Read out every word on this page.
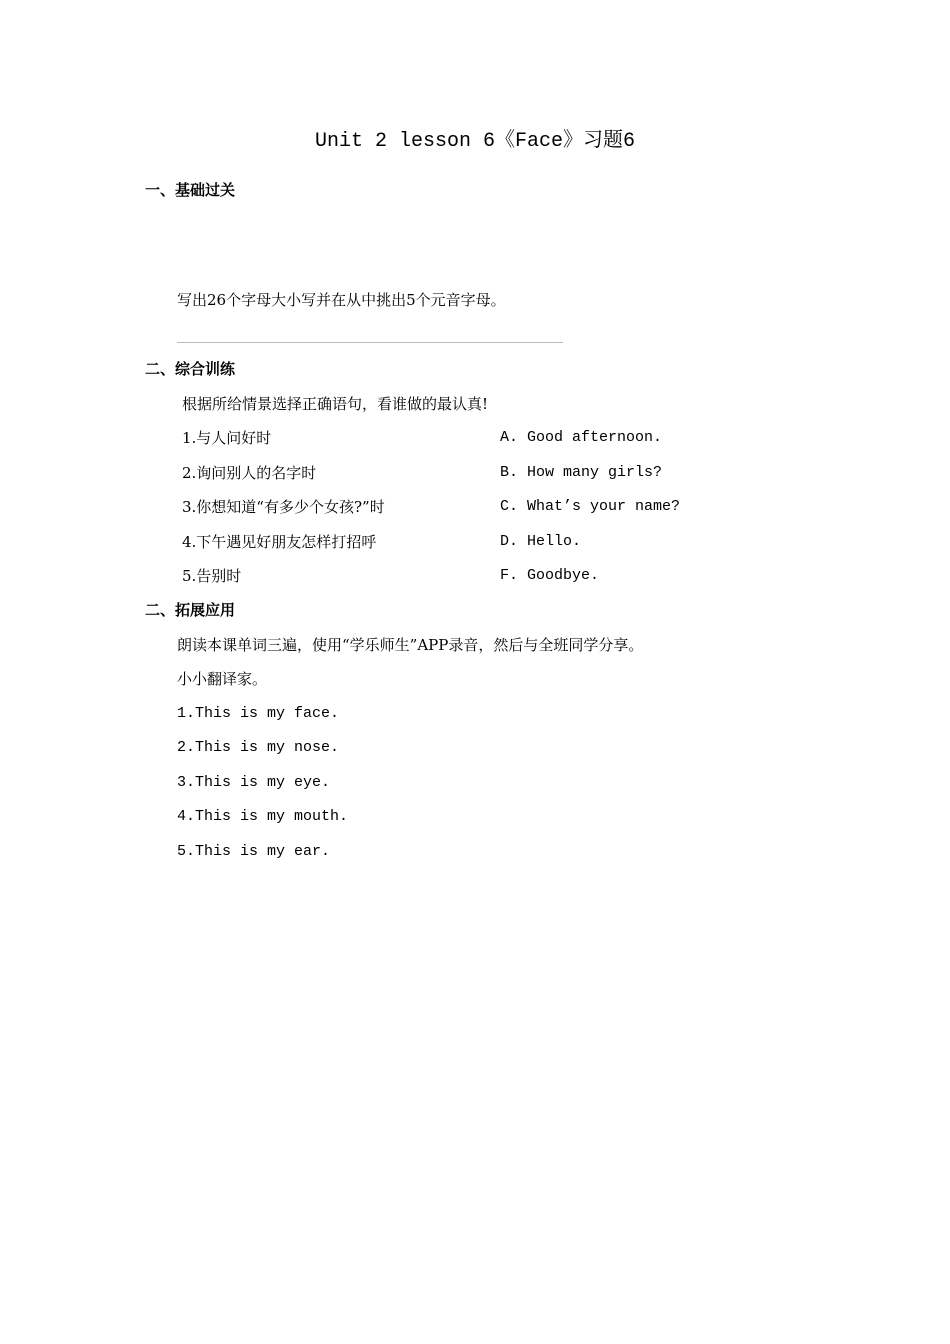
Unit 2 lesson 6《Face》习题6
一、基础过关
写出26个字母大小写并在从中挑出5个元音字母。
二、综合训练
根据所给情景选择正确语句，看谁做的最认真!
1.与人问好时
2.询问别人的名字时
3.你想知道“有多少个女孩?”时
4.下午遇见好朋友怎样打招呼
5.告别时
A. Good afternoon.
B. How many girls?
C. What’s your name?
D. Hello.
F. Goodbye.
二、拓展应用
朗读本课单词三遍，使用“学乐师生”APP录音，然后与全班同学分享。
小小翻译家。
1.This is my face.
2.This is my nose.
3.This is my eye.
4.This is my mouth.
5.This is my ear.
